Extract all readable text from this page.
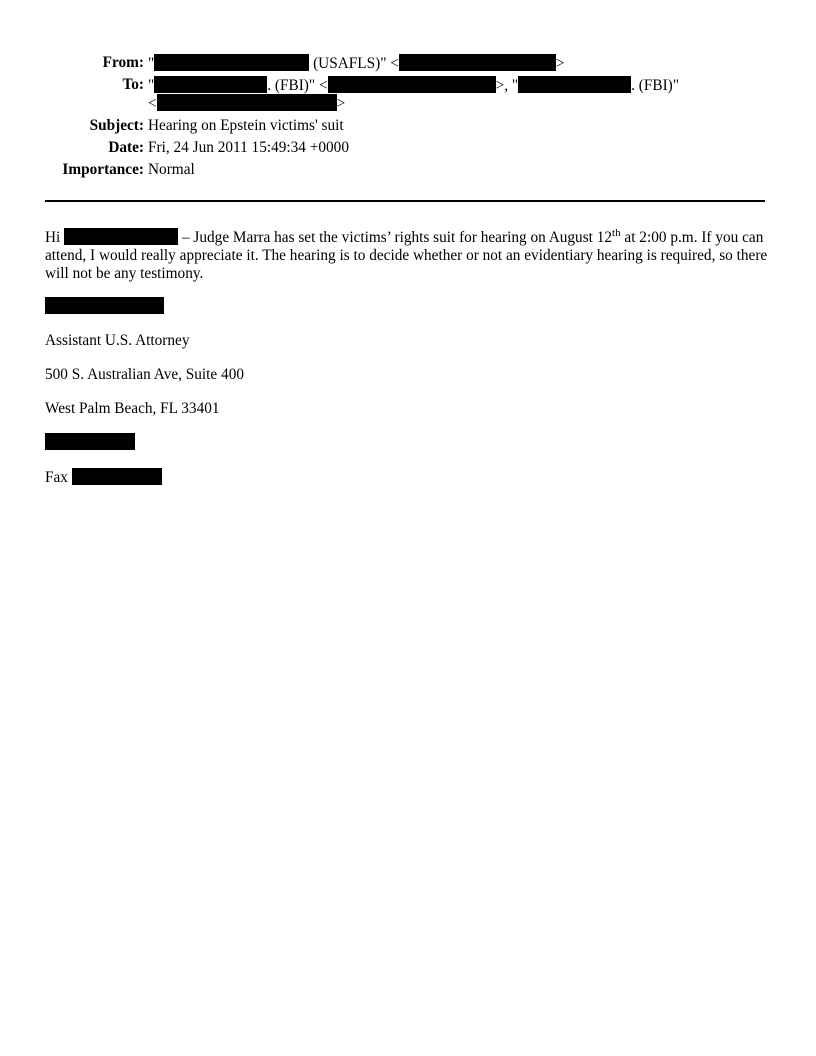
From: "	(USAFLS)" <	>
To: "	. (FBI)" <	>, "	. (FBI)"
<	>
Subject: Hearing on Epstein victims' suit
Date: Fri, 24 Jun 2011 15:49:34 +0000
Importance: Normal
Hi	– Judge Marra has set the victims’ rights suit for hearing on August 12th at 2:00 p.m. If you can attend, I would really appreciate it. The hearing is to decide whether or not an evidentiary hearing is required, so there will not be any testimony.
Assistant U.S. Attorney
500 S. Australian Ave, Suite 400
West Palm Beach, FL 33401
Fax
